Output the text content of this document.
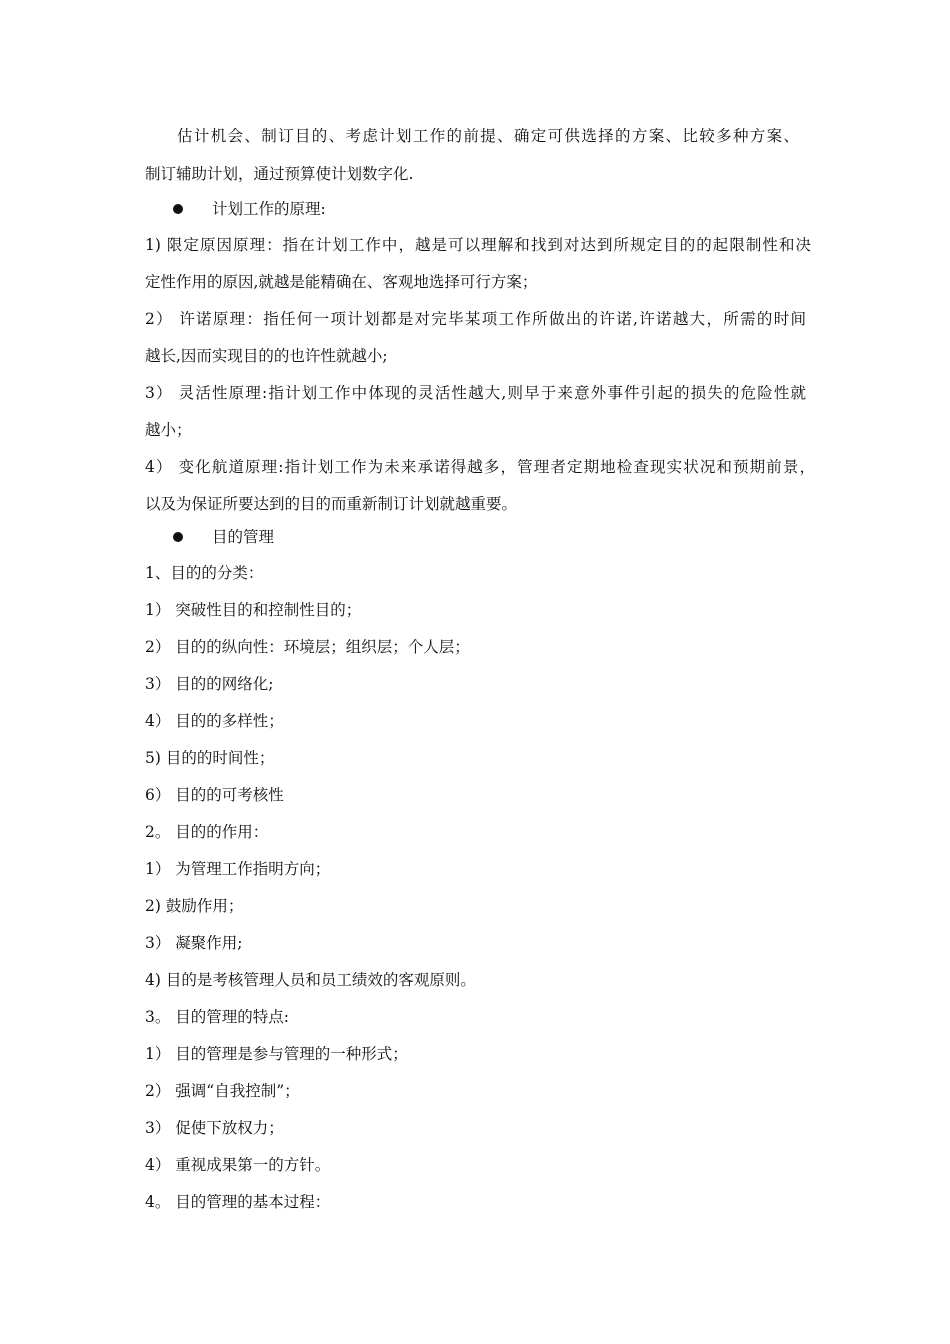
估计机会、制订目的、考虑计划工作的前提、确定可供选择的方案、比较多种方案、
制订辅助计划，通过预算使计划数字化.
计划工作的原理:
1) 限定原因原理：指在计划工作中，越是可以理解和找到对达到所规定目的的起限制性和决
定性作用的原因,就越是能精确在、客观地选择可行方案；
2） 许诺原理：指任何一项计划都是对完毕某项工作所做出的许诺,许诺越大，所需的时间
越长,因而实现目的的也许性就越小;
3） 灵活性原理:指计划工作中体现的灵活性越大,则早于来意外事件引起的损失的危险性就
越小；
4） 变化航道原理:指计划工作为未来承诺得越多，管理者定期地检查现实状况和预期前景，
以及为保证所要达到的目的而重新制订计划就越重要。
目的管理
1、目的的分类：
1） 突破性目的和控制性目的；
2） 目的的纵向性：环境层；组织层；个人层；
3） 目的的网络化;
4） 目的的多样性；
5) 目的的时间性；
6） 目的的可考核性
2。 目的的作用：
1） 为管理工作指明方向；
2) 鼓励作用；
3） 凝聚作用;
4) 目的是考核管理人员和员工绩效的客观原则。
3。 目的管理的特点:
1） 目的管理是参与管理的一种形式；
2） 强调“自我控制”；
3） 促使下放权力；
4） 重视成果第一的方针。
4。 目的管理的基本过程：
